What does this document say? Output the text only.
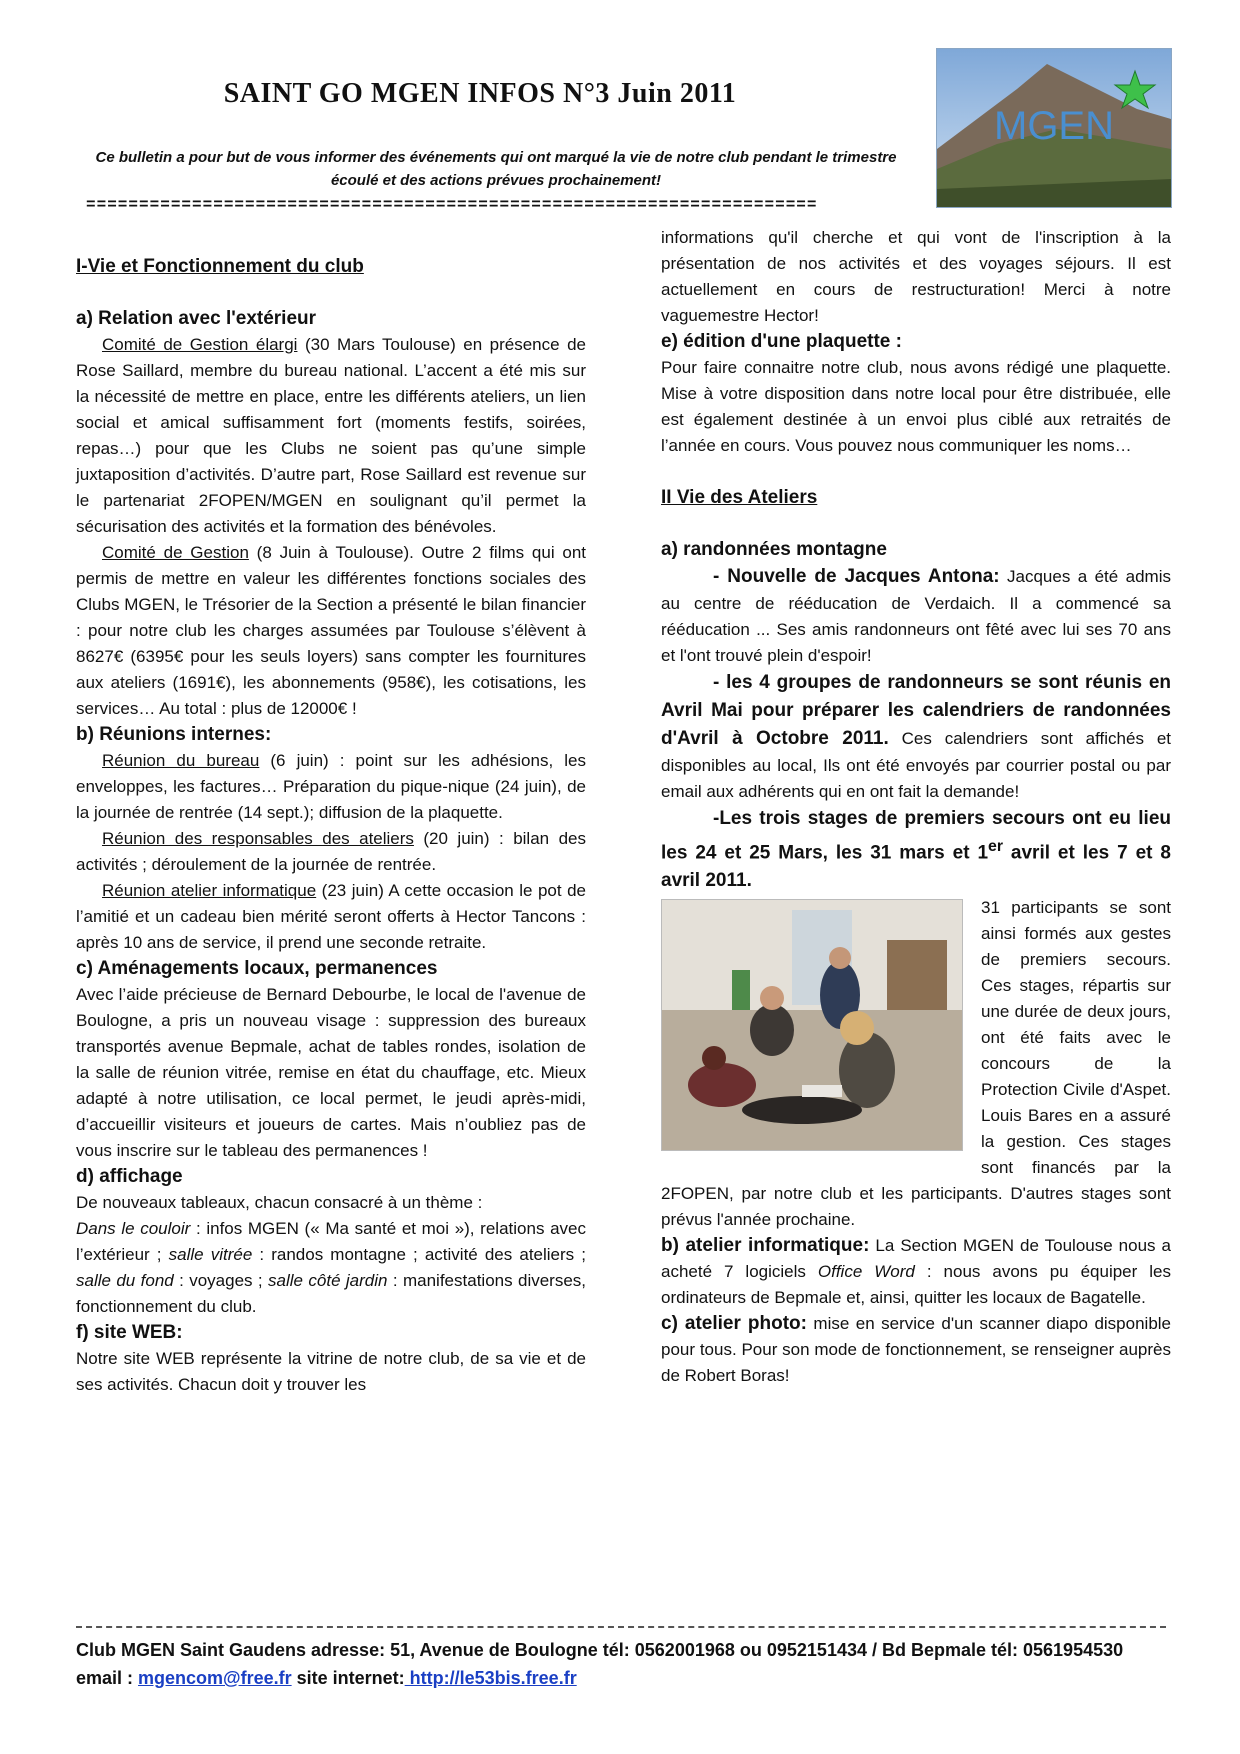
SAINT GO MGEN INFOS N°3 Juin 2011
Ce bulletin a pour but de vous informer des événements qui ont marqué la vie de notre club pendant le trimestre écoulé et des actions prévues prochainement!
=====================================================================
MGEN

I-Vie et Fonctionnement du club

a) Relation avec l'extérieur

Comité de Gestion élargi (30 Mars Toulouse) en présence de Rose Saillard, membre du bureau national. L’accent a été mis sur la nécessité de mettre en place, entre les différents ateliers, un lien social et amical suffisamment fort (moments festifs, soirées, repas…) pour que les Clubs ne soient pas qu’une simple juxtaposition d’activités. D’autre part, Rose Saillard est revenue sur le partenariat 2FOPEN/MGEN en soulignant qu’il permet la sécurisation des activités et la formation des bénévoles.

Comité de Gestion (8 Juin à Toulouse). Outre 2 films qui ont permis de mettre en valeur les différentes fonctions sociales des Clubs MGEN, le Trésorier de la Section a présenté le bilan financier : pour notre club les charges assumées par Toulouse s’élèvent à 8627€ (6395€ pour les seuls loyers) sans compter les fournitures aux ateliers (1691€), les abonnements (958€), les cotisations, les services… Au total : plus de 12000€ !

b) Réunions internes:

Réunion du bureau (6 juin) : point sur les adhésions, les enveloppes, les factures… Préparation du pique-nique (24 juin), de la journée de rentrée (14 sept.); diffusion de la plaquette.

Réunion des responsables des ateliers (20 juin) : bilan des activités ; déroulement de la journée de rentrée.

Réunion atelier informatique (23 juin) A cette occasion le pot de l’amitié et un cadeau bien mérité seront offerts à Hector Tancons : après 10 ans de service, il prend une seconde retraite.

c) Aménagements locaux, permanences

Avec l’aide précieuse de Bernard Debourbe, le local de l'avenue de Boulogne, a pris un nouveau visage : suppression des bureaux transportés avenue Bepmale, achat de tables rondes, isolation de la salle de réunion vitrée, remise en état du chauffage, etc. Mieux adapté à notre utilisation, ce local permet, le jeudi après-midi, d’accueillir visiteurs et joueurs de cartes. Mais n’oubliez pas de vous inscrire sur le tableau des permanences !

d) affichage

De nouveaux tableaux, chacun consacré à un thème :

Dans le couloir : infos MGEN (« Ma santé et moi »), relations avec l’extérieur ; salle vitrée : randos montagne ; activité des ateliers ; salle du fond : voyages ; salle côté jardin : manifestations diverses, fonctionnement du club.

f) site WEB:

Notre site WEB représente la vitrine de notre club, de sa vie et de ses activités. Chacun doit y trouver les

informations qu'il cherche et qui vont de l'inscription à la présentation de nos activités et des voyages séjours. Il est actuellement en cours de restructuration! Merci à notre vaguemestre Hector!

e) édition d'une plaquette :

Pour faire connaitre notre club, nous avons rédigé une plaquette. Mise à votre disposition dans notre local pour être distribuée, elle est également destinée à un envoi plus ciblé aux retraités de l’année en cours. Vous pouvez nous communiquer les noms…

II Vie des Ateliers

a) randonnées montagne

- Nouvelle de Jacques Antona: Jacques a été admis au centre de rééducation de Verdaich. Il a commencé sa rééducation ... Ses amis randonneurs ont fêté avec lui ses 70 ans et l'ont trouvé plein d'espoir!

- les 4 groupes de randonneurs se sont réunis en Avril Mai pour préparer les calendriers de randonnées d'Avril à Octobre 2011. Ces calendriers sont affichés et disponibles au local, Ils ont été envoyés par courrier postal ou par email aux adhérents qui en ont fait la demande!

-Les trois stages de premiers secours ont eu lieu les 24 et 25 Mars, les 31 mars et 1er avril et les 7 et 8 avril 2011.

31 participants se sont ainsi formés aux gestes de premiers secours. Ces stages, répartis sur une durée de deux jours, ont été faits avec le concours de la Protection Civile d'Aspet. Louis Bares en a assuré la gestion. Ces stages sont financés par la 2FOPEN, par notre club et les participants. D'autres stages sont prévus l'année prochaine.

b) atelier informatique: La Section MGEN de Toulouse nous a acheté 7 logiciels Office Word : nous avons pu équiper les ordinateurs de Bepmale et, ainsi, quitter les locaux de Bagatelle.

c) atelier photo: mise en service d'un scanner diapo disponible pour tous. Pour son mode de fonctionnement, se renseigner auprès de Robert Boras!

Club MGEN Saint Gaudens adresse: 51, Avenue de Boulogne tél: 0562001968 ou 0952151434 / Bd Bepmale tél: 0561954530
email : mgencom@free.fr site internet: http://le53bis.free.fr
